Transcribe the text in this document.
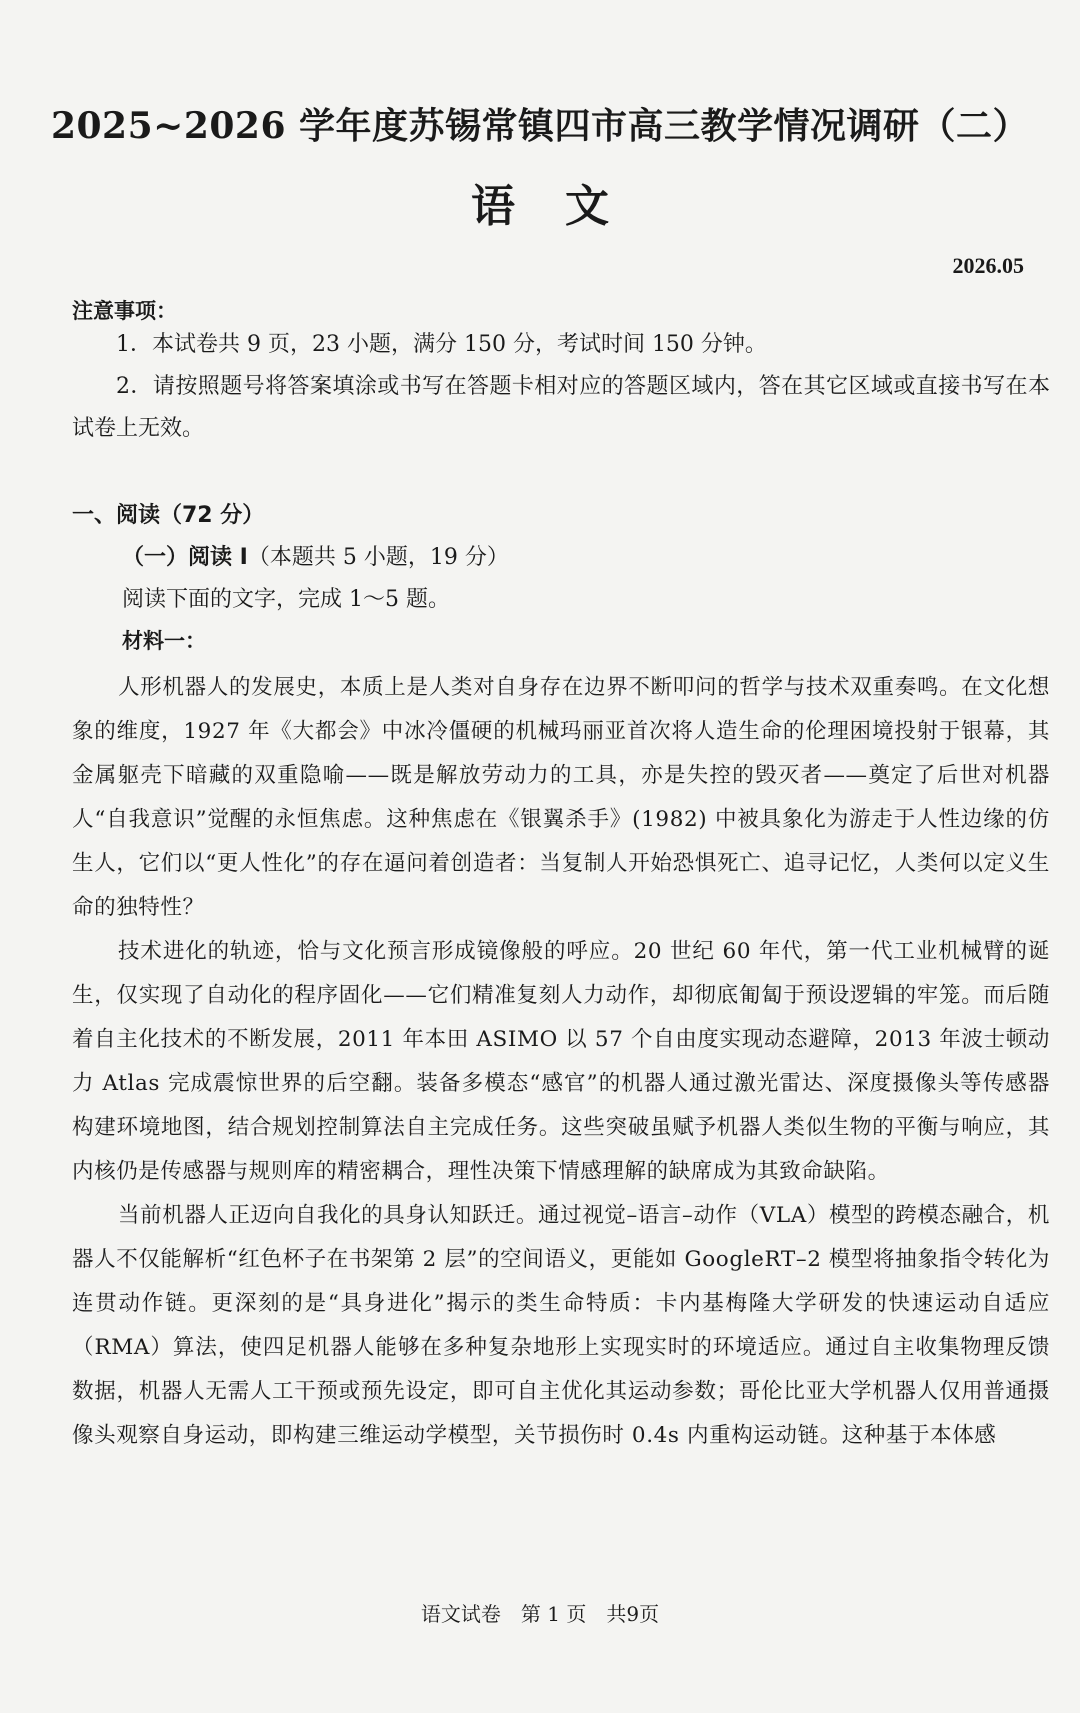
2025~2026 学年度苏锡常镇四市高三教学情况调研（二）
语文
2026.05
注意事项：

1．本试卷共 9 页，23 小题，满分 150 分，考试时间 150 分钟。

2．请按照题号将答案填涂或书写在答题卡相对应的答题区域内，答在其它区域或直接书写在本试卷上无效。

一、阅读（72 分）
（一）阅读 I（本题共 5 小题，19 分）
阅读下面的文字，完成 1～5 题。
材料一：

人形机器人的发展史，本质上是人类对自身存在边界不断叩问的哲学与技术双重奏鸣。在文化想象的维度，1927 年《大都会》中冰冷僵硬的机械玛丽亚首次将人造生命的伦理困境投射于银幕，其金属躯壳下暗藏的双重隐喻——既是解放劳动力的工具，亦是失控的毁灭者——奠定了后世对机器人“自我意识”觉醒的永恒焦虑。这种焦虑在《银翼杀手》(1982) 中被具象化为游走于人性边缘的仿生人，它们以“更人性化”的存在逼问着创造者：当复制人开始恐惧死亡、追寻记忆，人类何以定义生命的独特性？

技术进化的轨迹，恰与文化预言形成镜像般的呼应。20 世纪 60 年代，第一代工业机械臂的诞生，仅实现了自动化的程序固化——它们精准复刻人力动作，却彻底匍匐于预设逻辑的牢笼。而后随着自主化技术的不断发展，2011 年本田 ASIMO 以 57 个自由度实现动态避障，2013 年波士顿动力 Atlas 完成震惊世界的后空翻。装备多模态“感官”的机器人通过激光雷达、深度摄像头等传感器构建环境地图，结合规划控制算法自主完成任务。这些突破虽赋予机器人类似生物的平衡与响应，其内核仍是传感器与规则库的精密耦合，理性决策下情感理解的缺席成为其致命缺陷。

当前机器人正迈向自我化的具身认知跃迁。通过视觉–语言–动作（VLA）模型的跨模态融合，机器人不仅能解析“红色杯子在书架第 2 层”的空间语义，更能如 GoogleRT–2 模型将抽象指令转化为连贯动作链。更深刻的是“具身进化”揭示的类生命特质：卡内基梅隆大学研发的快速运动自适应（RMA）算法，使四足机器人能够在多种复杂地形上实现实时的环境适应。通过自主收集物理反馈数据，机器人无需人工干预或预先设定，即可自主优化其运动参数；哥伦比亚大学机器人仅用普通摄像头观察自身运动，即构建三维运动学模型，关节损伤时 0.4s 内重构运动链。这种基于本体感

语文试卷　第 1 页　共9页
